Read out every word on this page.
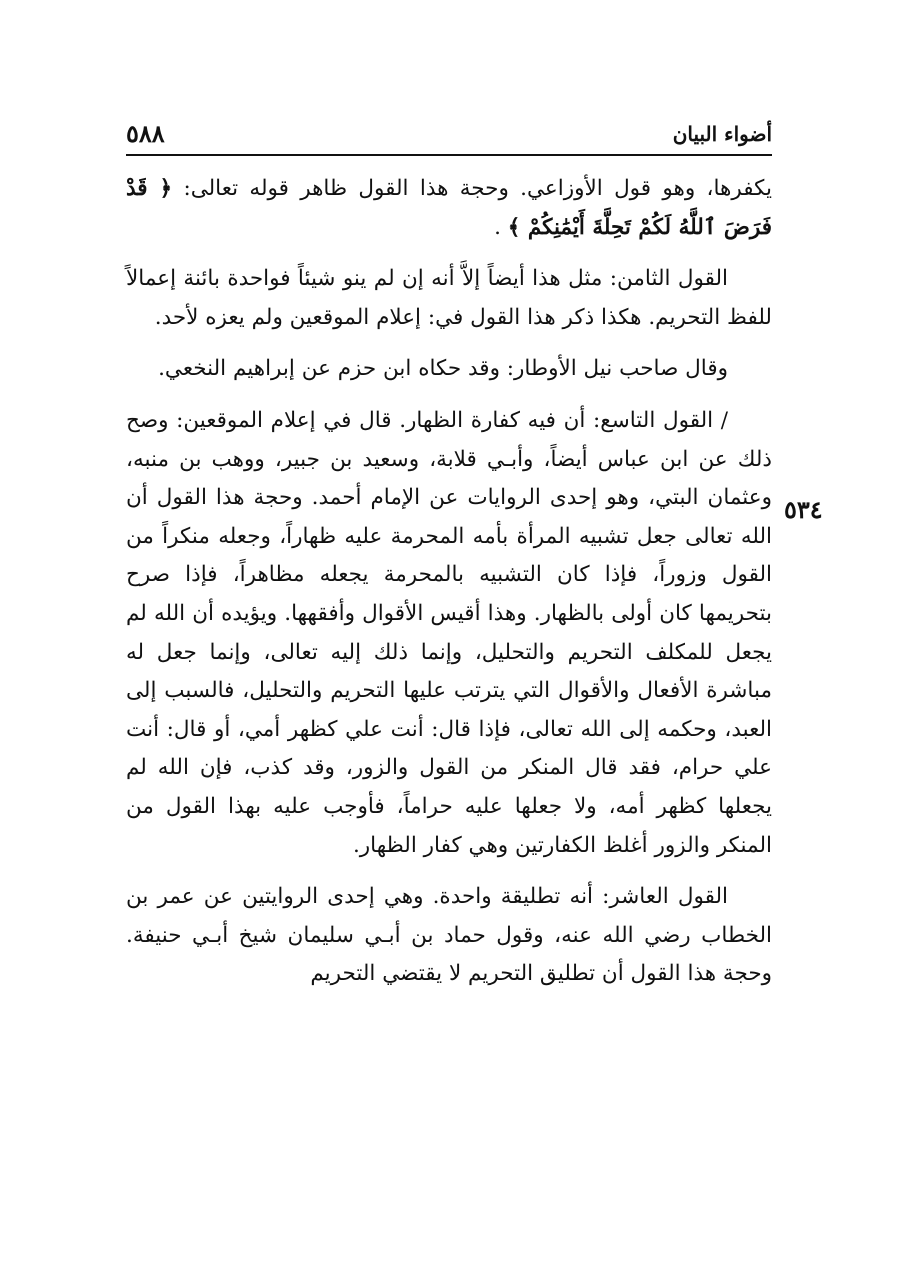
٥٨٨	أضواء البيان
٥٣٤

يكفرها، وهو قول الأوزاعي. وحجة هذا القول ظاهر قوله تعالى: ﴿ قَدْ فَرَضَ ٱللَّهُ لَكُمْ تَحِلَّةَ أَيْمَٰنِكُمْ ﴾ .

القول الثامن: مثل هذا أيضاً إلاَّ أنه إن لم ينو شيئاً فواحدة بائنة إعمالاً للفظ التحريم. هكذا ذكر هذا القول في: إعلام الموقعين ولم يعزه لأحد.

وقال صاحب نيل الأوطار: وقد حكاه ابن حزم عن إبراهيم النخعي.

/ القول التاسع: أن فيه كفارة الظهار. قال في إعلام الموقعين: وصح ذلك عن ابن عباس أيضاً، وأبـي قلابة، وسعيد بن جبير، ووهب بن منبه، وعثمان البتي، وهو إحدى الروايات عن الإمام أحمد. وحجة هذا القول أن الله تعالى جعل تشبيه المرأة بأمه المحرمة عليه ظهاراً، وجعله منكراً من القول وزوراً، فإذا كان التشبيه بالمحرمة يجعله مظاهراً، فإذا صرح بتحريمها كان أولى بالظهار. وهذا أقيس الأقوال وأفقهها. ويؤيده أن الله لم يجعل للمكلف التحريم والتحليل، وإنما ذلك إليه تعالى، وإنما جعل له مباشرة الأفعال والأقوال التي يترتب عليها التحريم والتحليل، فالسبب إلى العبد، وحكمه إلى الله تعالى، فإذا قال: أنت علي كظهر أمي، أو قال: أنت علي حرام، فقد قال المنكر من القول والزور، وقد كذب، فإن الله لم يجعلها كظهر أمه، ولا جعلها عليه حراماً، فأوجب عليه بهذا القول من المنكر والزور أغلظ الكفارتين وهي كفار الظهار.

القول العاشر: أنه تطليقة واحدة. وهي إحدى الروايتين عن عمر بن الخطاب رضي الله عنه، وقول حماد بن أبـي سليمان شيخ أبـي حنيفة. وحجة هذا القول أن تطليق التحريم لا يقتضي التحريم
